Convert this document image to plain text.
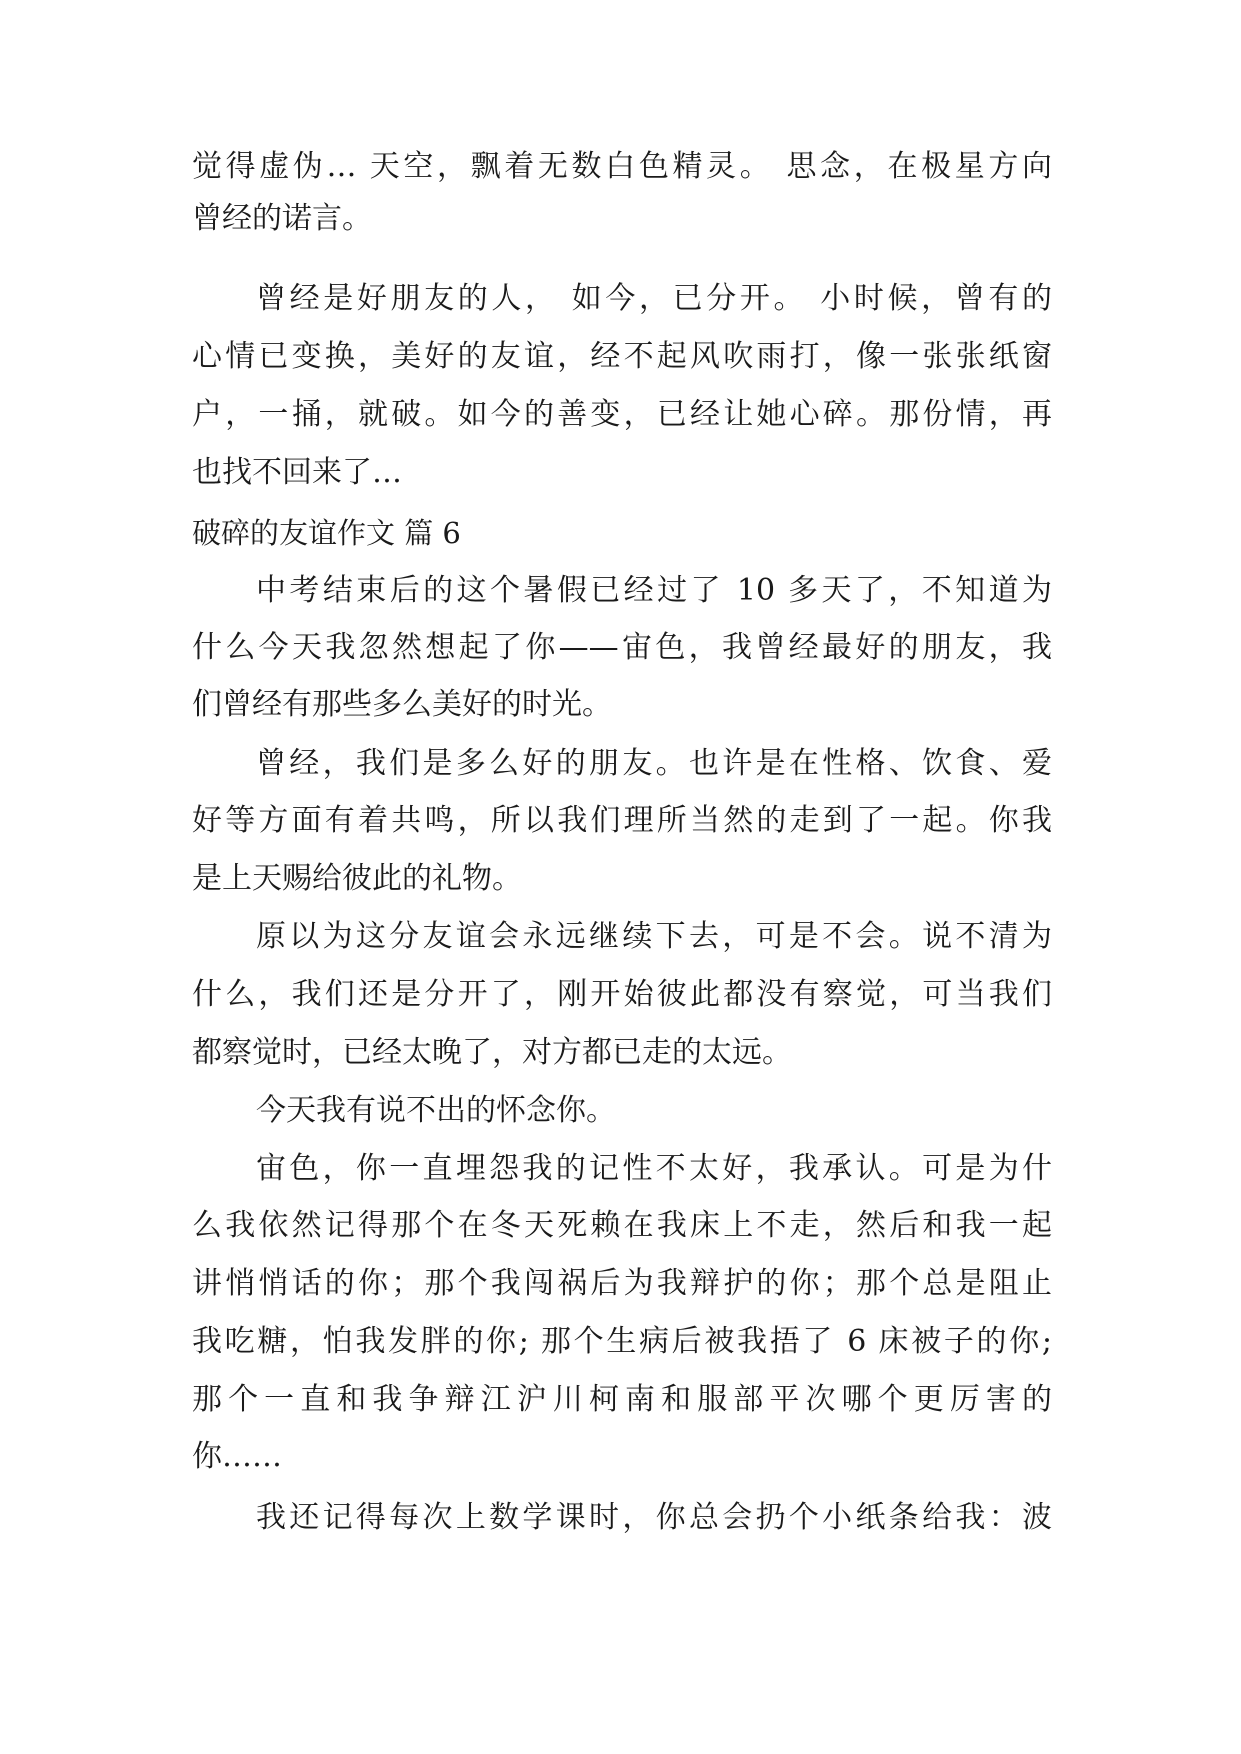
觉得虚伪… 天空，飘着无数白色精灵。 思念，在极星方向
曾经的诺言。
曾经是好朋友的人， 如今，已分开。 小时候，曾有的
心情已变换，美好的友谊，经不起风吹雨打，像一张张纸窗
户，一捅，就破。如今的善变，已经让她心碎。那份情，再
也找不回来了…
破碎的友谊作文 篇 6
中考结束后的这个暑假已经过了 10 多天了，不知道为
什么今天我忽然想起了你——宙色，我曾经最好的朋友，我
们曾经有那些多么美好的时光。
曾经，我们是多么好的朋友。也许是在性格、饮食、爱
好等方面有着共鸣，所以我们理所当然的走到了一起。你我
是上天赐给彼此的礼物。
原以为这分友谊会永远继续下去，可是不会。说不清为
什么，我们还是分开了，刚开始彼此都没有察觉，可当我们
都察觉时，已经太晚了，对方都已走的太远。
今天我有说不出的怀念你。
宙色，你一直埋怨我的记性不太好，我承认。可是为什
么我依然记得那个在冬天死赖在我床上不走，然后和我一起
讲悄悄话的你；那个我闯祸后为我辩护的你；那个总是阻止
我吃糖，怕我发胖的你; 那个生病后被我捂了 6 床被子的你;
那个一直和我争辩江沪川柯南和服部平次哪个更厉害的
你……
我还记得每次上数学课时，你总会扔个小纸条给我：波
